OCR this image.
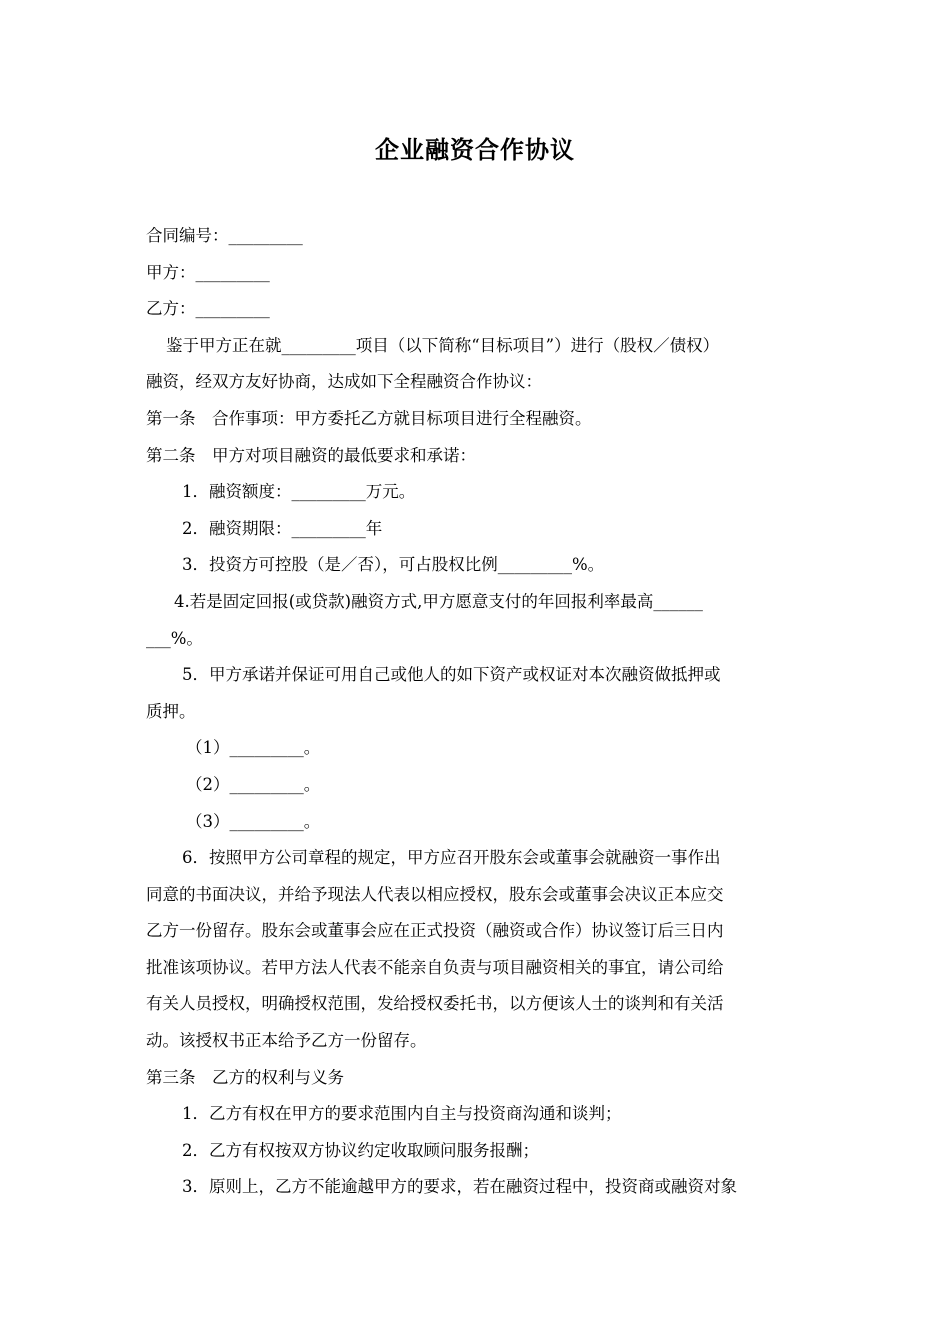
企业融资合作协议
合同编号：_________
甲方：_________
乙方：_________
鉴于甲方正在就_________项目（以下简称“目标项目”）进行（股权／债权）
融资，经双方友好协商，达成如下全程融资合作协议：
第一条　合作事项：甲方委托乙方就目标项目进行全程融资。
第二条　甲方对项目融资的最低要求和承诺：
1．融资额度：_________万元。
2．融资期限：_________年
3．投资方可控股（是／否），可占股权比例_________%。
4.若是固定回报(或贷款)融资方式,甲方愿意支付的年回报利率最高______
___%。
5．甲方承诺并保证可用自己或他人的如下资产或权证对本次融资做抵押或
质押。
（1）_________。
（2）_________。
（3）_________。
6．按照甲方公司章程的规定，甲方应召开股东会或董事会就融资一事作出
同意的书面决议，并给予现法人代表以相应授权，股东会或董事会决议正本应交
乙方一份留存。股东会或董事会应在正式投资（融资或合作）协议签订后三日内
批准该项协议。若甲方法人代表不能亲自负责与项目融资相关的事宜，请公司给
有关人员授权，明确授权范围，发给授权委托书，以方便该人士的谈判和有关活
动。该授权书正本给予乙方一份留存。
第三条　乙方的权利与义务
1．乙方有权在甲方的要求范围内自主与投资商沟通和谈判；
2．乙方有权按双方协议约定收取顾问服务报酬；
3．原则上，乙方不能逾越甲方的要求，若在融资过程中，投资商或融资对象
